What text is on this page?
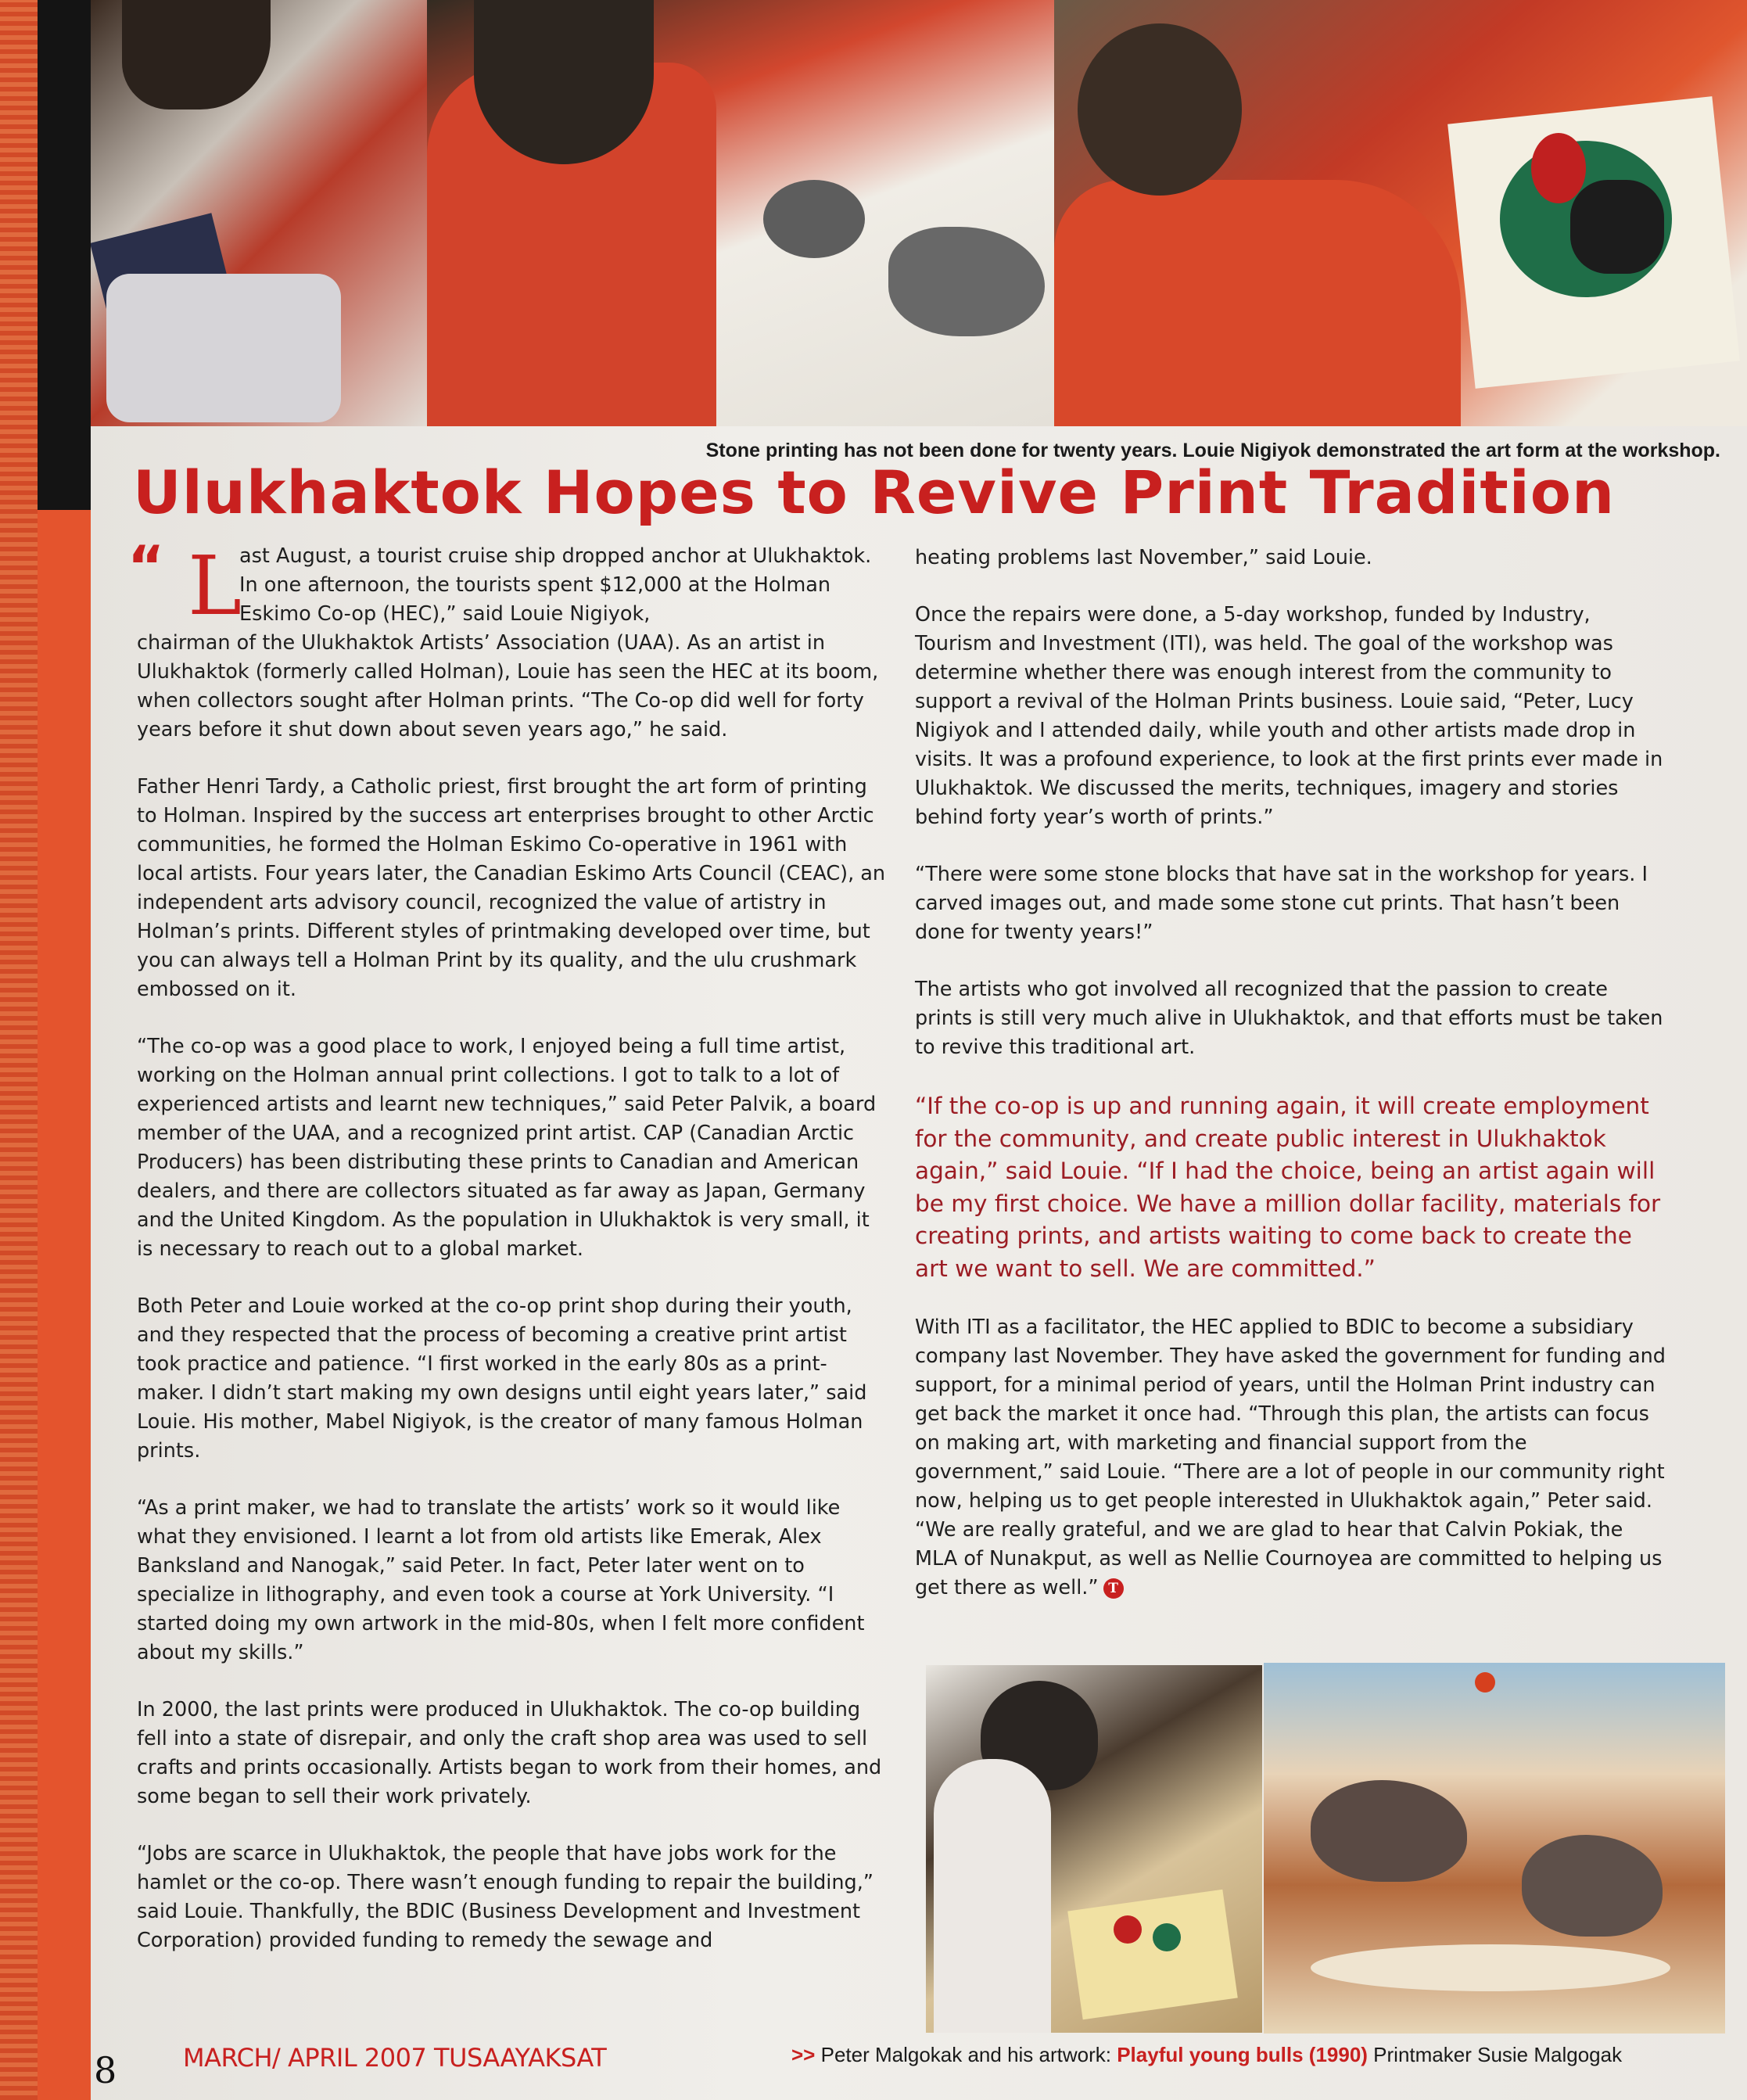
Stone printing has not been done for twenty years. Louie Nigiyok demonstrated the art form at the workshop.
Ulukhaktok Hopes to Revive Print Tradition
“ L

ast August, a tourist cruise ship dropped anchor at Ulukhaktok. In one afternoon, the tourists spent $12,000 at the Holman Eskimo Co-op (HEC),” said Louie Nigiyok,
chairman of the Ulukhaktok Artists’ Association (UAA). As an artist in Ulukhaktok (formerly called Holman), Louie has seen the HEC at its boom, when collectors sought after Holman prints. “The Co-op did well for forty years before it shut down about seven years ago,” he said.

Father Henri Tardy, a Catholic priest, first brought the art form of printing to Holman. Inspired by the success art enterprises brought to other Arctic communities, he formed the Holman Eskimo Co-operative in 1961 with local artists. Four years later, the Canadian Eskimo Arts Council (CEAC), an independent arts advisory council, recognized the value of artistry in Holman’s prints. Different styles of printmaking developed over time, but you can always tell a Holman Print by its quality, and the ulu crushmark embossed on it.

“The co-op was a good place to work, I enjoyed being a full time artist, working on the Holman annual print collections. I got to talk to a lot of experienced artists and learnt new techniques,” said Peter Palvik, a board member of the UAA, and a recognized print artist. CAP (Canadian Arctic Producers) has been distributing these prints to Canadian and American dealers, and there are collectors situated as far away as Japan, Germany and the United Kingdom. As the population in Ulukhaktok is very small, it is necessary to reach out to a global market.

Both Peter and Louie worked at the co-op print shop during their youth, and they respected that the process of becoming a creative print artist took practice and patience. “I first worked in the early 80s as a print-maker. I didn’t start making my own designs until eight years later,” said Louie. His mother, Mabel Nigiyok, is the creator of many famous Holman prints.

“As a print maker, we had to translate the artists’ work so it would like what they envisioned. I learnt a lot from old artists like Emerak, Alex Banksland and Nanogak,” said Peter. In fact, Peter later went on to specialize in lithography, and even took a course at York University. “I started doing my own artwork in the mid-80s, when I felt more confident about my skills.”

In 2000, the last prints were produced in Ulukhaktok. The co-op building fell into a state of disrepair, and only the craft shop area was used to sell crafts and prints occasionally. Artists began to work from their homes, and some began to sell their work privately.

“Jobs are scarce in Ulukhaktok, the people that have jobs work for the hamlet or the co-op. There wasn’t enough funding to repair the building,” said Louie. Thankfully, the BDIC (Business Development and Investment Corporation) provided funding to remedy the sewage and

heating problems last November,” said Louie.

Once the repairs were done, a 5-day workshop, funded by Industry, Tourism and Investment (ITI), was held. The goal of the workshop was determine whether there was enough interest from the community to support a revival of the Holman Prints business. Louie said, “Peter, Lucy Nigiyok and I attended daily, while youth and other artists made drop in visits. It was a profound experience, to look at the first prints ever made in Ulukhaktok. We discussed the merits, techniques, imagery and stories behind forty year’s worth of prints.”

“There were some stone blocks that have sat in the workshop for years. I carved images out, and made some stone cut prints. That hasn’t been done for twenty years!”

The artists who got involved all recognized that the passion to create prints is still very much alive in Ulukhaktok, and that efforts must be taken to revive this traditional art.

“If the co-op is up and running again, it will create employment for the community, and create public interest in Ulukhaktok again,” said Louie. “If I had the choice, being an artist again will be my first choice. We have a million dollar facility, materials for creating prints, and artists waiting to come back to create the art we want to sell. We are committed.”

With ITI as a facilitator, the HEC applied to BDIC to become a subsidiary company last November. They have asked the government for funding and support, for a minimal period of years, until the Holman Print industry can get back the market it once had. “Through this plan, the artists can focus on making art, with marketing and financial support from the government,” said Louie. “There are a lot of people in our community right now, helping us to get people interested in Ulukhaktok again,” Peter said. “We are really grateful, and we are glad to hear that Calvin Pokiak, the MLA of Nunakput, as well as Nellie Cournoyea are committed to helping us get there as well.” T

8	MARCH/ APRIL 2007 TUSAAYAKSAT	>> Peter Malgokak and his artwork: Playful young bulls (1990) Printmaker Susie Malgogak
